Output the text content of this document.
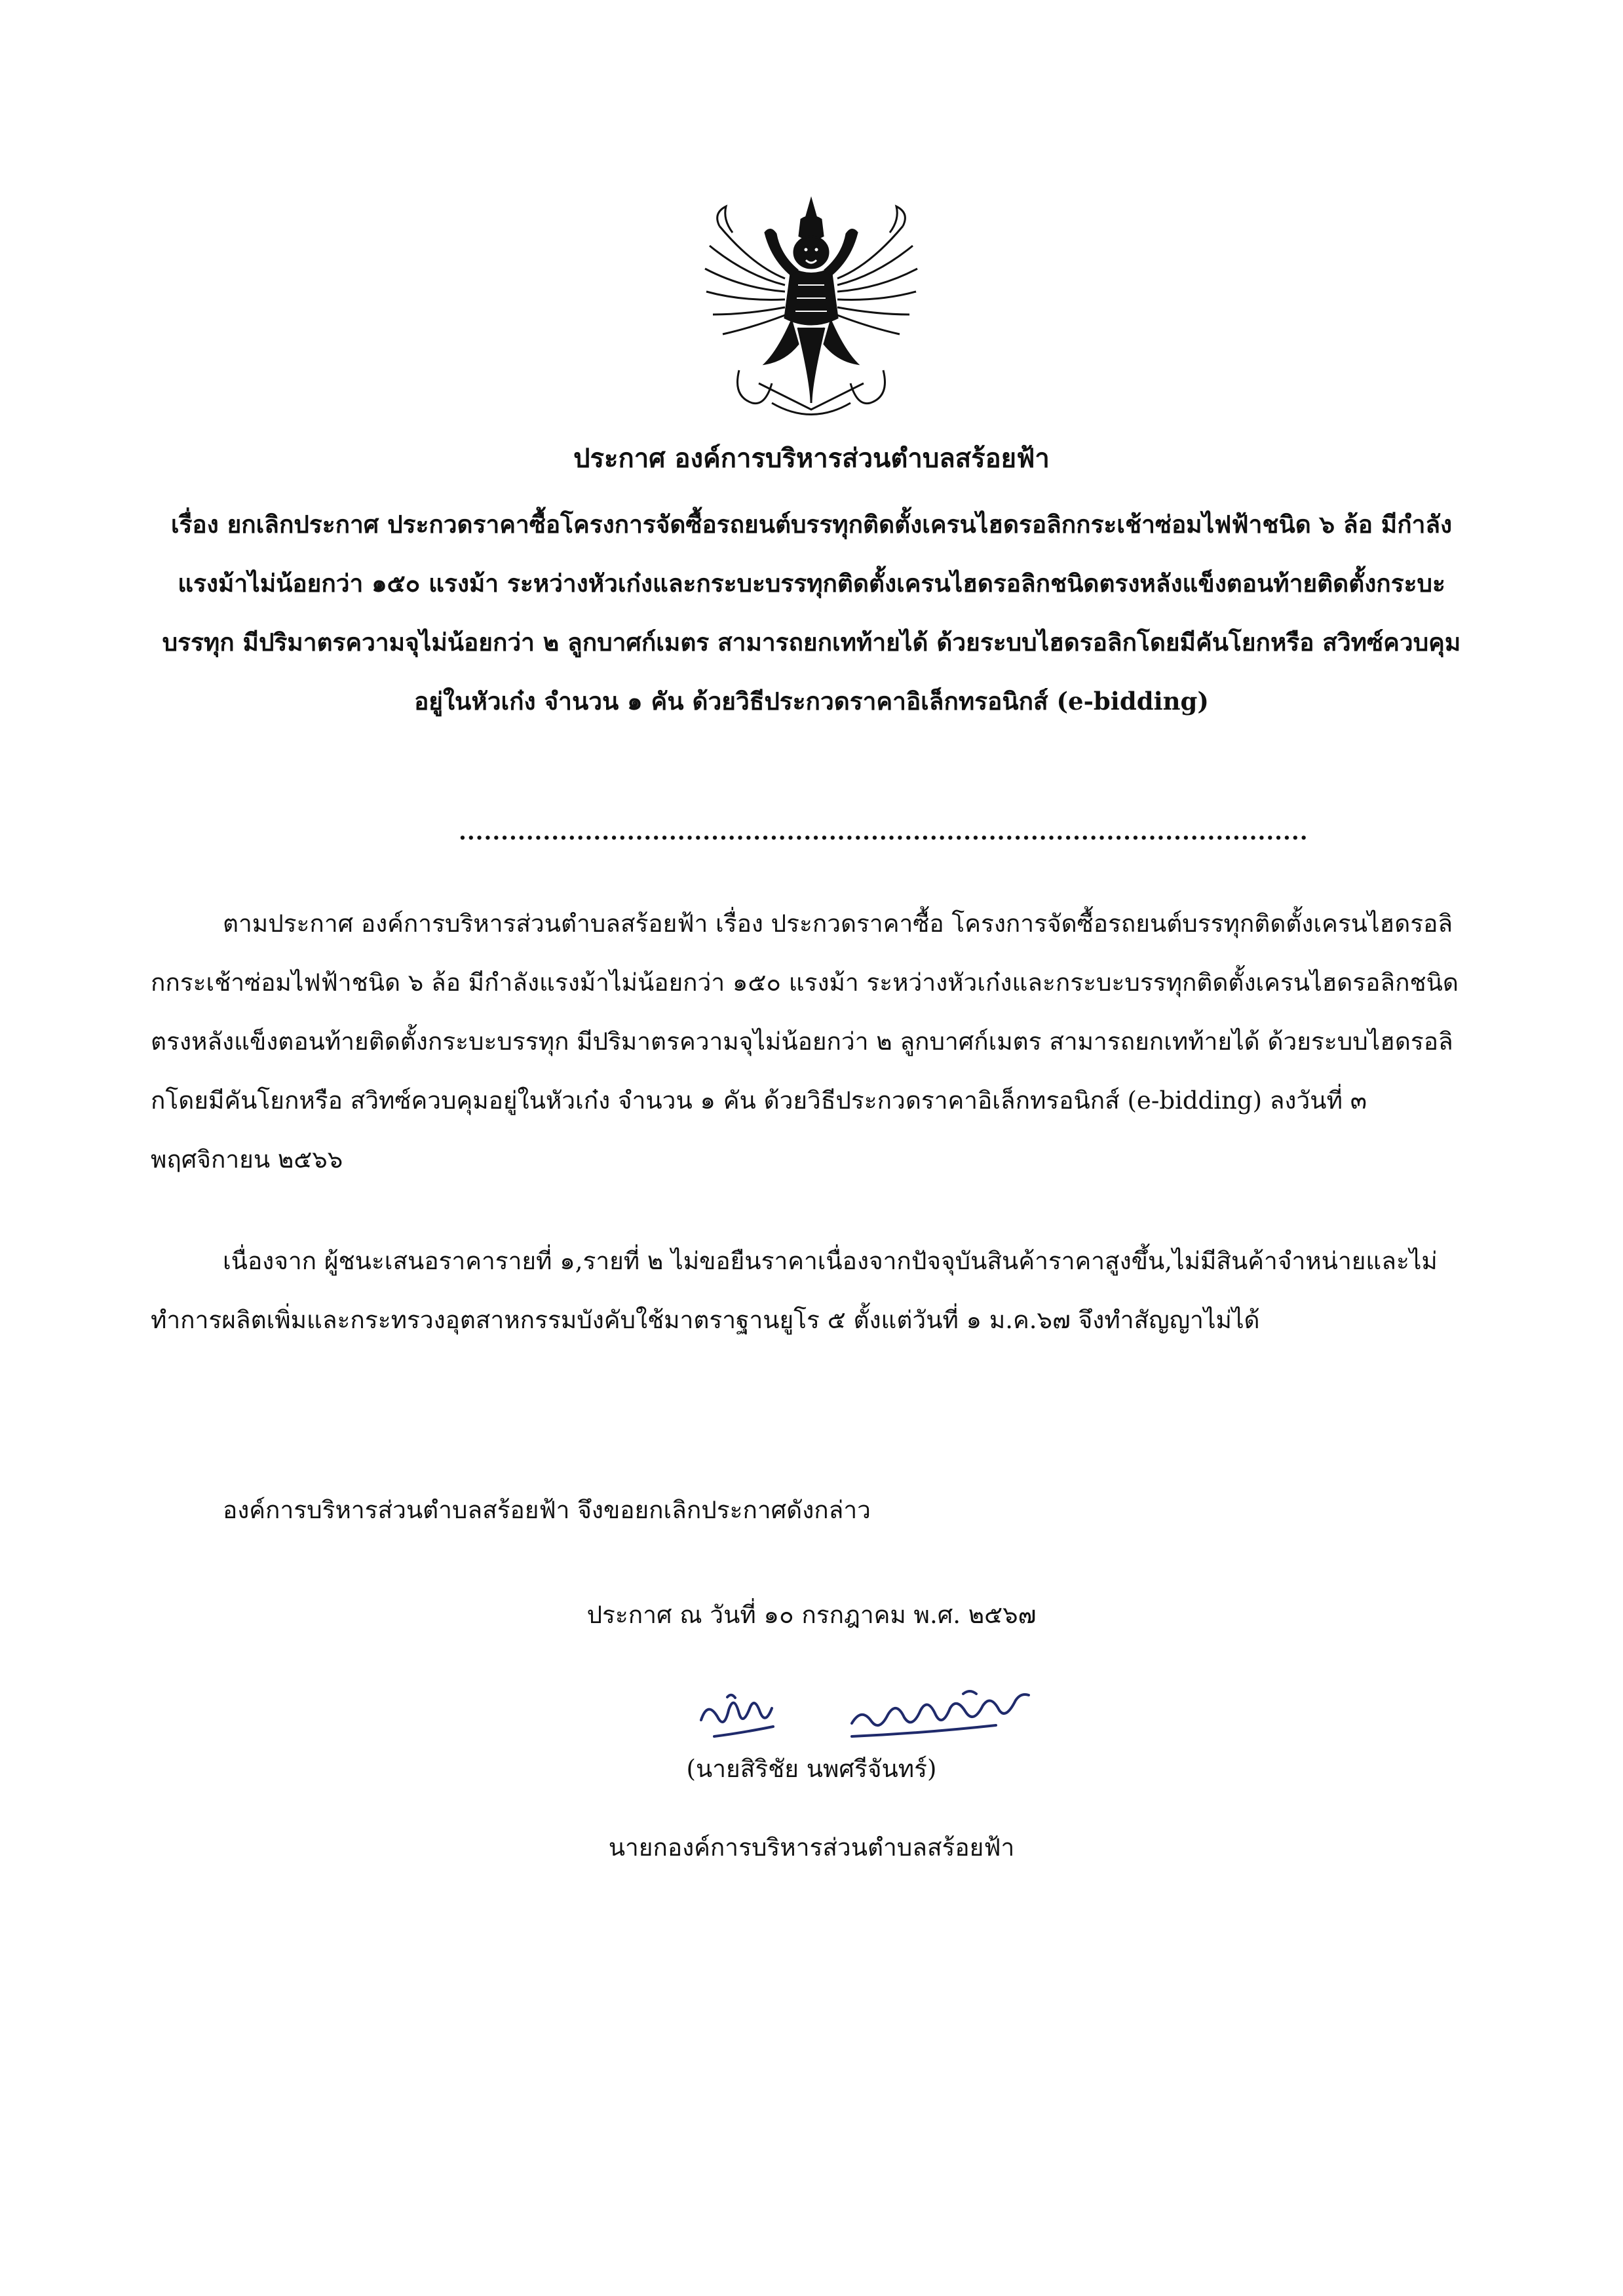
ประกาศ องค์การบริหารส่วนตำบลสร้อยฟ้า
เรื่อง ยกเลิกประกาศ ประกวดราคาซื้อโครงการจัดซื้อรถยนต์บรรทุกติดตั้งเครนไฮดรอลิกกระเช้าซ่อมไฟฟ้าชนิด ๖ ล้อ มีกำลังแรงม้าไม่น้อยกว่า ๑๕๐ แรงม้า ระหว่างหัวเก๋งและกระบะบรรทุกติดตั้งเครนไฮดรอลิกชนิดตรงหลังแข็งตอนท้ายติดตั้งกระบะบรรทุก มีปริมาตรความจุไม่น้อยกว่า ๒ ลูกบาศก์เมตร สามารถยกเทท้ายได้ ด้วยระบบไฮดรอลิกโดยมีคันโยกหรือ สวิทซ์ควบคุมอยู่ในหัวเก๋ง จำนวน ๑ คัน ด้วยวิธีประกวดราคาอิเล็กทรอนิกส์ (e-bidding)
.....................................................................................................

ตามประกาศ องค์การบริหารส่วนตำบลสร้อยฟ้า เรื่อง ประกวดราคาซื้อ โครงการจัดซื้อรถยนต์บรรทุกติดตั้งเครนไฮดรอลิกกระเช้าซ่อมไฟฟ้าชนิด ๖ ล้อ มีกำลังแรงม้าไม่น้อยกว่า ๑๕๐ แรงม้า ระหว่างหัวเก๋งและกระบะบรรทุกติดตั้งเครนไฮดรอลิกชนิดตรงหลังแข็งตอนท้ายติดตั้งกระบะบรรทุก มีปริมาตรความจุไม่น้อยกว่า ๒ ลูกบาศก์เมตร สามารถยกเทท้ายได้ ด้วยระบบไฮดรอลิกโดยมีคันโยกหรือ สวิทซ์ควบคุมอยู่ในหัวเก๋ง จำนวน ๑ คัน ด้วยวิธีประกวดราคาอิเล็กทรอนิกส์ (e-bidding) ลงวันที่ ๓ พฤศจิกายน ๒๕๖๖

เนื่องจาก ผู้ชนะเสนอราคารายที่ ๑,รายที่ ๒ ไม่ขอยืนราคาเนื่องจากปัจจุบันสินค้าราคาสูงขึ้น,ไม่มีสินค้าจำหน่ายและไม่ทำการผลิตเพิ่มและกระทรวงอุตสาหกรรมบังคับใช้มาตราฐานยูโร ๕ ตั้งแต่วันที่ ๑ ม.ค.๖๗ จึงทำสัญญาไม่ได้

องค์การบริหารส่วนตำบลสร้อยฟ้า จึงขอยกเลิกประกาศดังกล่าว

ประกาศ ณ วันที่ ๑๐ กรกฎาคม พ.ศ. ๒๕๖๗
(นายสิริชัย นพศรีจันทร์)
นายกองค์การบริหารส่วนตำบลสร้อยฟ้า
